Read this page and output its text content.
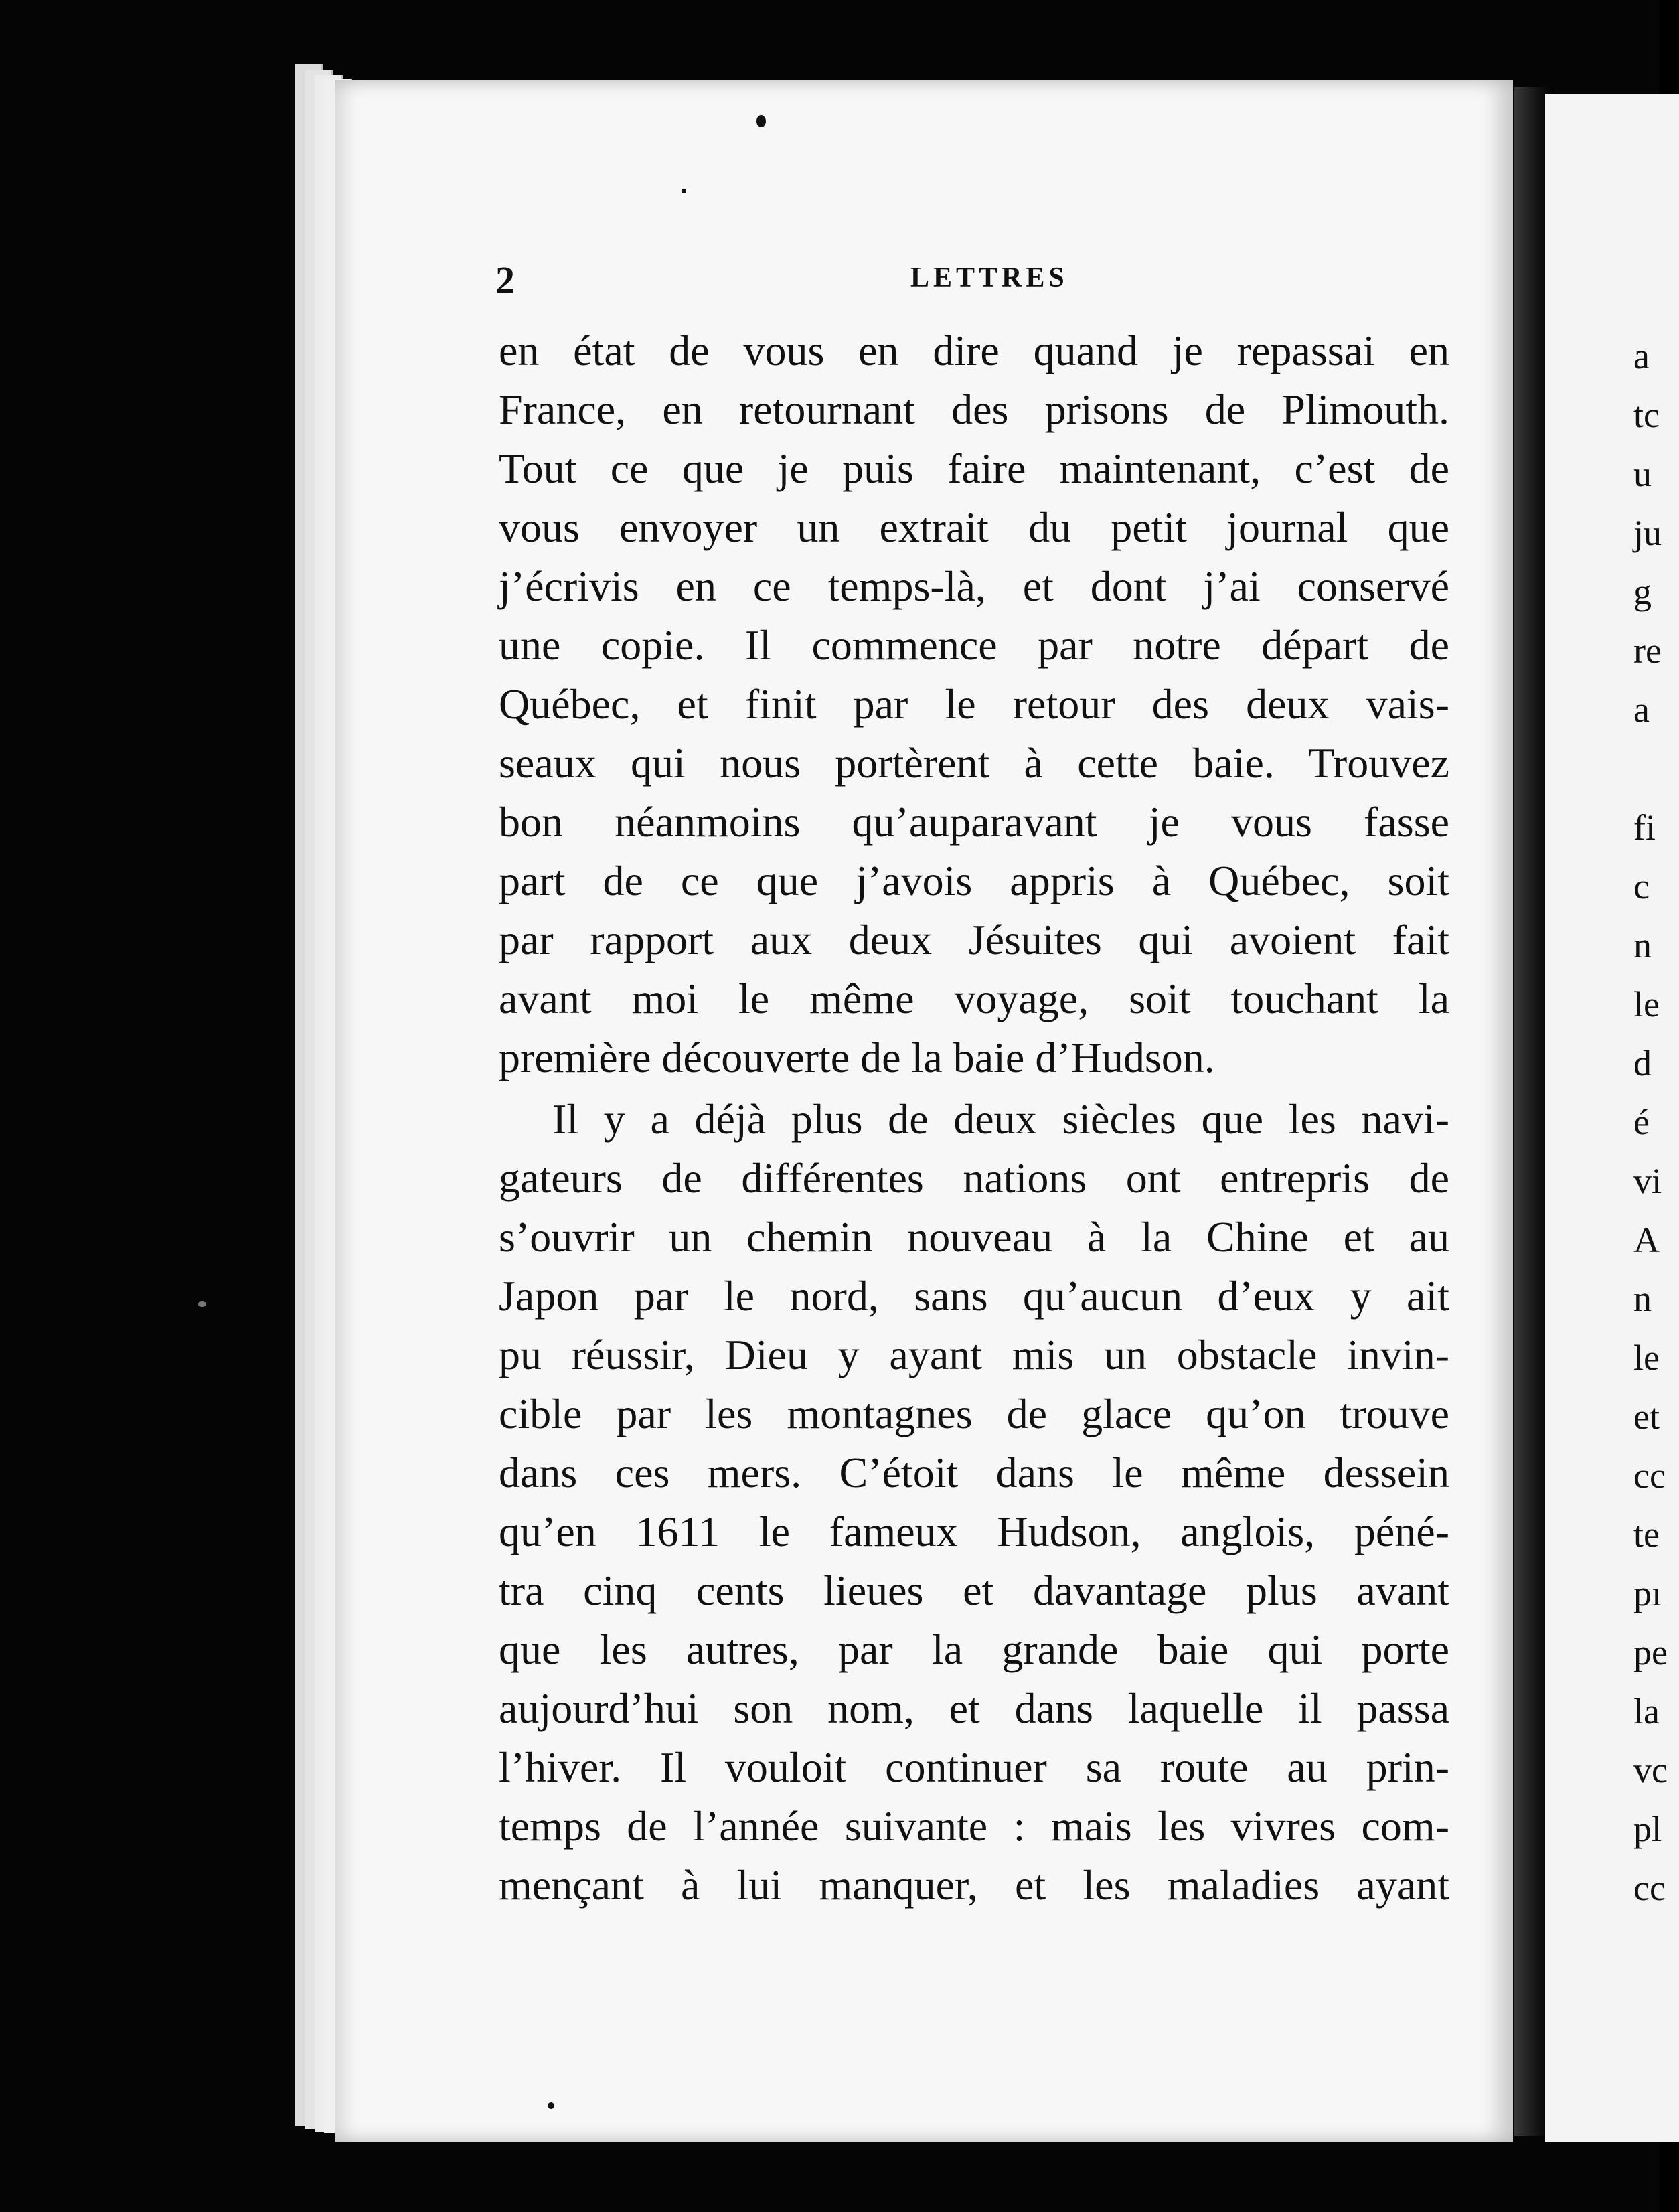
a
tc
u
ju
g
re
a
fi
c
n
le
d
é
vi
A
n
le
et
cc
te
pı
pe
la
vc
pl
cc
2	LETTRES
en état de vous en dire quand je repassai en
France, en retournant des prisons de Plimouth.
Tout ce que je puis faire maintenant, c’est de
vous envoyer un extrait du petit journal que
j’écrivis en ce temps-là, et dont j’ai conservé
une copie. Il commence par notre départ de
Québec, et finit par le retour des deux vais-
seaux qui nous portèrent à cette baie. Trouvez
bon néanmoins qu’auparavant je vous fasse
part de ce que j’avois appris à Québec, soit
par rapport aux deux Jésuites qui avoient fait
avant moi le même voyage, soit touchant la
première découverte de la baie d’Hudson.
Il y a déjà plus de deux siècles que les navi-
gateurs de différentes nations ont entrepris de
s’ouvrir un chemin nouveau à la Chine et au
Japon par le nord, sans qu’aucun d’eux y ait
pu réussir, Dieu y ayant mis un obstacle invin-
cible par les montagnes de glace qu’on trouve
dans ces mers. C’étoit dans le même dessein
qu’en 1611 le fameux Hudson, anglois, péné-
tra cinq cents lieues et davantage plus avant
que les autres, par la grande baie qui porte
aujourd’hui son nom, et dans laquelle il passa
l’hiver. Il vouloit continuer sa route au prin-
temps de l’année suivante : mais les vivres com-
mençant à lui manquer, et les maladies ayant
